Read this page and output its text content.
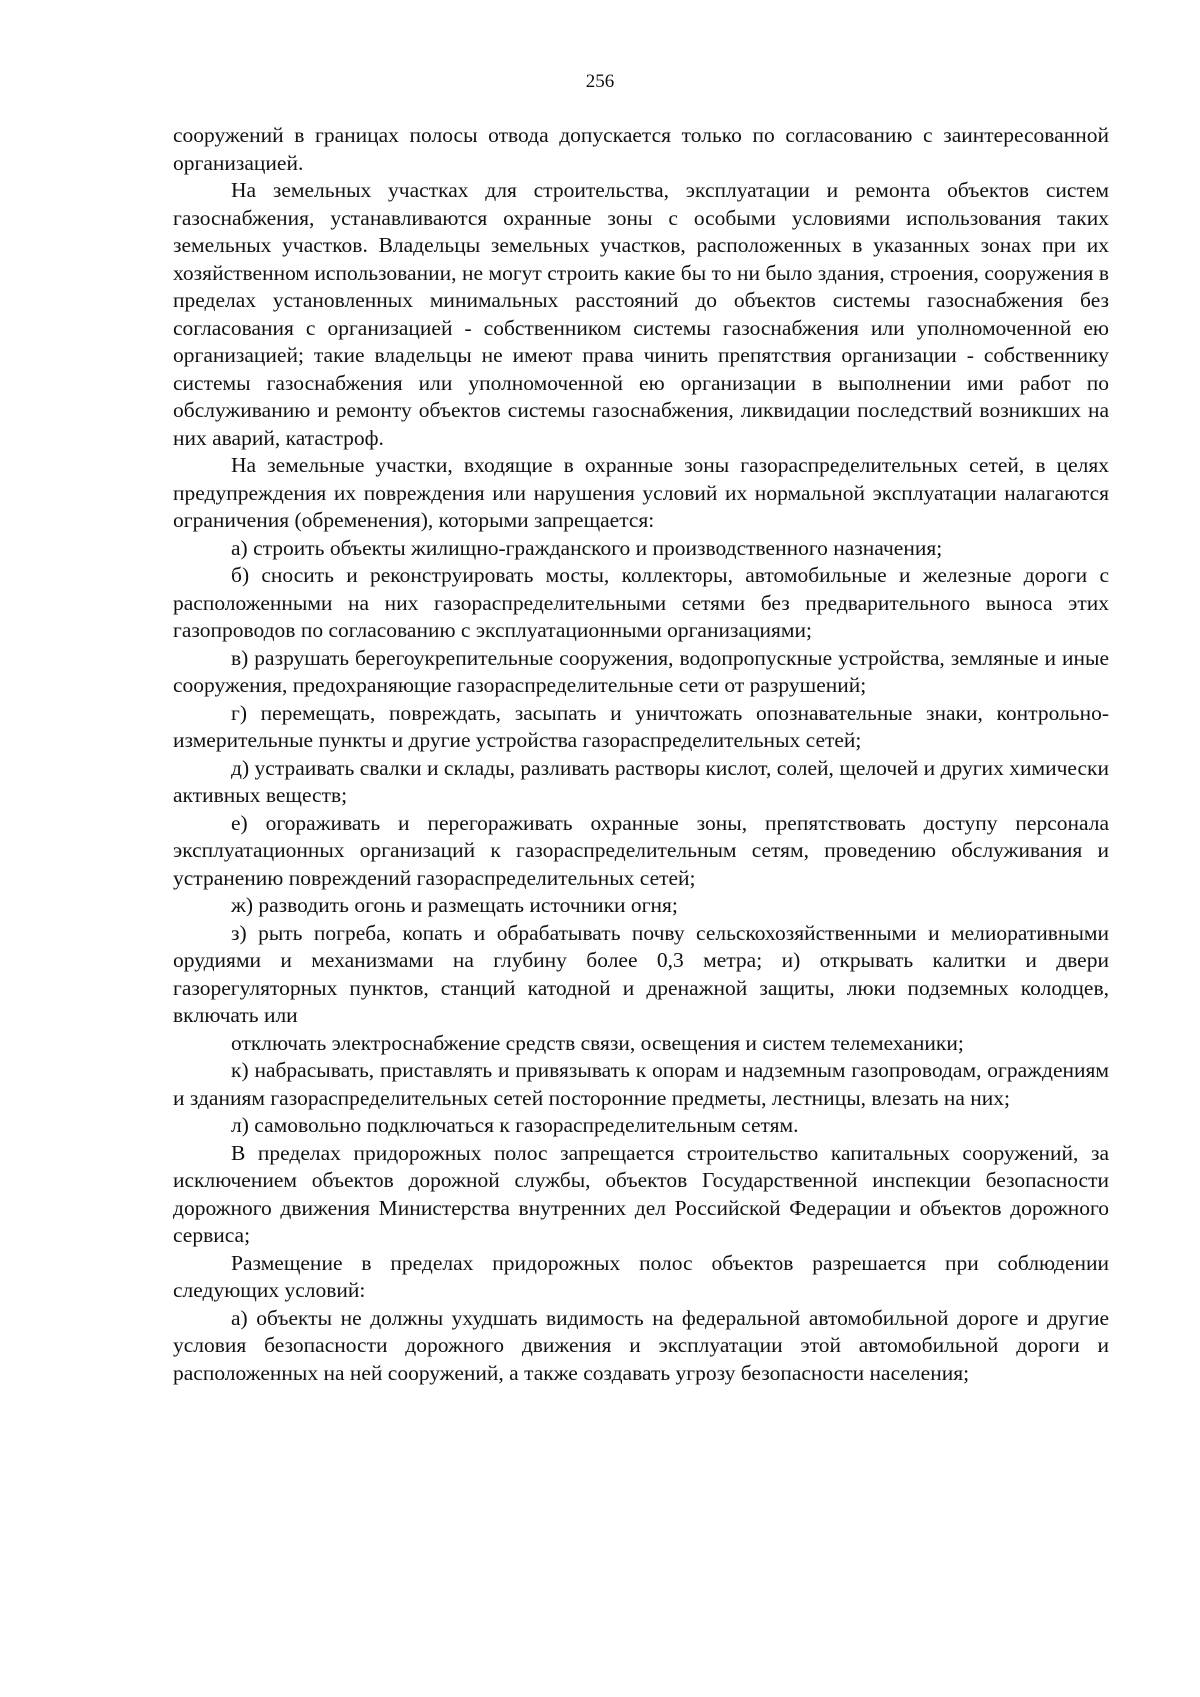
256

сооружений в границах полосы отвода допускается только по согласованию с заинтересованной организацией.

На земельных участках для строительства, эксплуатации и ремонта объектов систем газоснабжения, устанавливаются охранные зоны с особыми условиями использования таких земельных участков. Владельцы земельных участков, расположенных в указанных зонах при их хозяйственном использовании, не могут строить какие бы то ни было здания, строения, сооружения в пределах установленных минимальных расстояний до объектов системы газоснабжения без согласования с организацией - собственником системы газоснабжения или уполномоченной ею организацией; такие владельцы не имеют права чинить препятствия организации - собственнику системы газоснабжения или уполномоченной ею организации в выполнении ими работ по обслуживанию и ремонту объектов системы газоснабжения, ликвидации последствий возникших на них аварий, катастроф.

На земельные участки, входящие в охранные зоны газораспределительных сетей, в целях предупреждения их повреждения или нарушения условий их нормальной эксплуатации налагаются ограничения (обременения), которыми запрещается:

а) строить объекты жилищно-гражданского и производственного назначения;

б) сносить и реконструировать мосты, коллекторы, автомобильные и железные дороги с расположенными на них газораспределительными сетями без предварительного выноса этих газопроводов по согласованию с эксплуатационными организациями;

в) разрушать берегоукрепительные сооружения, водопропускные устройства, земляные и иные сооружения, предохраняющие газораспределительные сети от разрушений;

г) перемещать, повреждать, засыпать и уничтожать опознавательные знаки, контрольно-измерительные пункты и другие устройства газораспределительных сетей;

д) устраивать свалки и склады, разливать растворы кислот, солей, щелочей и других химически активных веществ;

е) огораживать и перегораживать охранные зоны, препятствовать доступу персонала эксплуатационных организаций к газораспределительным сетям, проведению обслуживания и устранению повреждений газораспределительных сетей;

ж) разводить огонь и размещать источники огня;

з) рыть погреба, копать и обрабатывать почву сельскохозяйственными и мелиоративными орудиями и механизмами на глубину более 0,3 метра; и) открывать калитки и двери газорегуляторных пунктов, станций катодной и дренажной защиты, люки подземных колодцев, включать или

отключать электроснабжение средств связи, освещения и систем телемеханики;

к) набрасывать, приставлять и привязывать к опорам и надземным газопроводам, ограждениям и зданиям газораспределительных сетей посторонние предметы, лестницы, влезать на них;

л) самовольно подключаться к газораспределительным сетям.

В пределах придорожных полос запрещается строительство капитальных сооружений, за исключением объектов дорожной службы, объектов Государственной инспекции безопасности дорожного движения Министерства внутренних дел Российской Федерации и объектов дорожного сервиса;

Размещение в пределах придорожных полос объектов разрешается при соблюдении следующих условий:

а) объекты не должны ухудшать видимость на федеральной автомобильной дороге и другие условия безопасности дорожного движения и эксплуатации этой автомобильной дороги и расположенных на ней сооружений, а также создавать угрозу безопасности населения;
